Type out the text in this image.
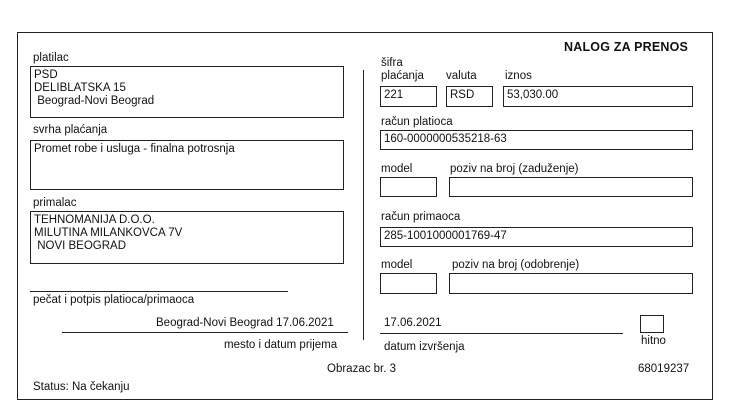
NALOG ZA PRENOS
platilac
PSD
DELIBLATSKA 15
Beograd-Novi Beograd
svrha plaćanja
Promet robe i usluga - finalna potrosnja
primalac
TEHNOMANIJA D.O.O.
MILUTINA MILANKOVCA 7V
NOVI BEOGRAD
pečat i potpis platioca/primaoca
Beograd-Novi Beograd 17.06.2021
mesto i datum prijema
šifra
plaćanja valuta iznos
221	RSD	53,030.00
račun platioca
160-0000000535218-63
model	poziv na broj (zaduženje)
račun primaoca
285-1001000001769-47
model	poziv na broj (odobrenje)
17.06.2021
datum izvršenja	hitno
Obrazac br. 3	68019237
Status: Na čekanju
